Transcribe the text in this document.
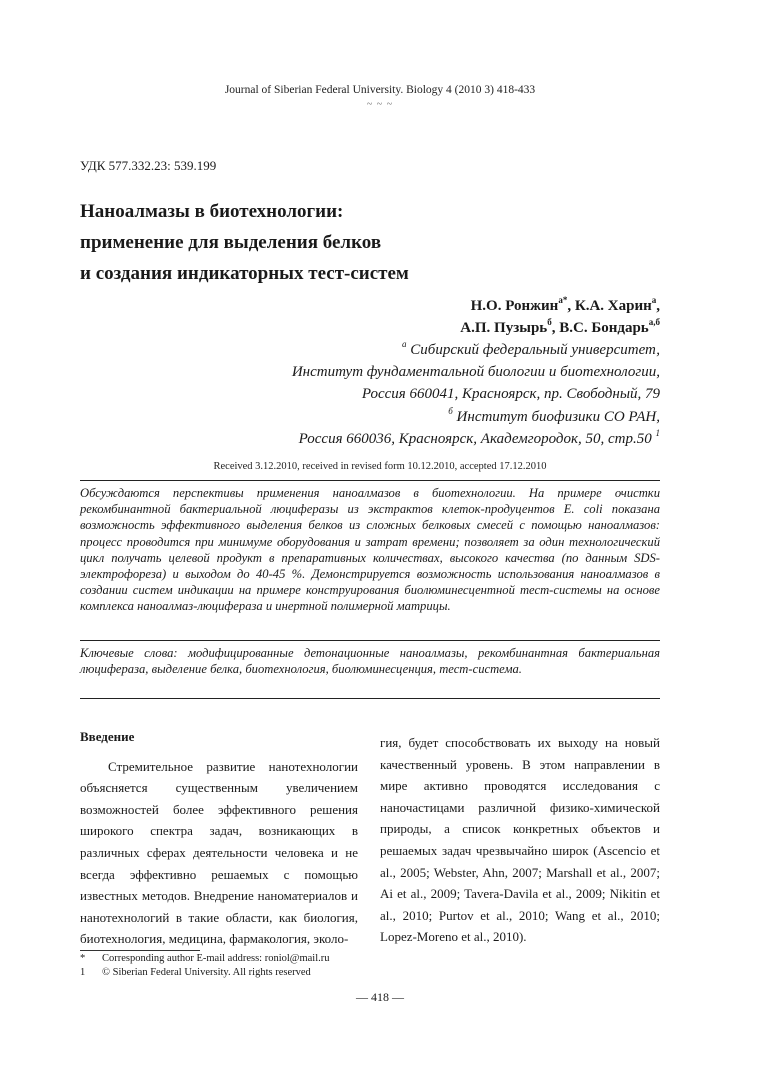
Journal of Siberian Federal University. Biology 4 (2010 3) 418-433
~ ~ ~
УДК 577.332.23: 539.199
Наноалмазы в биотехнологии:
применение для выделения белков
и создания индикаторных тест-систем
Н.О. Ронжин$^{а*}$, К.А. Харин$^а$,
А.П. Пузырь$^б$, В.С. Бондарь$^{а,б}$
$^а$ Сибирский федеральный университет,
Институт фундаментальной биологии и биотехнологии,
Россия 660041, Красноярск, пр. Свободный, 79
$^б$ Институт биофизики СО РАН,
Россия 660036, Красноярск, Академгородок, 50, стр.50 $^1$
Received 3.12.2010, received in revised form 10.12.2010, accepted 17.12.2010
Обсуждаются перспективы применения наноалмазов в биотехнологии. На примере очистки рекомбинантной бактериальной люциферазы из экстрактов клеток-продуцентов E. coli показана возможность эффективного выделения белков из сложных белковых смесей с помощью наноалмазов: процесс проводится при минимуме оборудования и затрат времени; позволяет за один технологический цикл получать целевой продукт в препаративных количествах, высокого качества (по данным SDS-электрофореза) и выходом до 40-45 %. Демонстрируется возможность использования наноалмазов в создании систем индикации на примере конструирования биолюминесцентной тест-системы на основе комплекса наноалмаз-люцифераза и инертной полимерной матрицы.
Ключевые слова: модифицированные детонационные наноалмазы, рекомбинантная бактериальная люцифераза, выделение белка, биотехнология, биолюминесценция, тест-система.
Введение
Стремительное развитие нанотехнологии объясняется существенным увеличением возможностей более эффективного решения широкого спектра задач, возникающих в различных сферах деятельности человека и не всегда эффективно решаемых с помощью известных методов. Внедрение наноматериалов и нанотехнологий в такие области, как биология, биотехнология, медицина, фармакология, эколо-
гия, будет способствовать их выходу на новый качественный уровень. В этом направлении в мире активно проводятся исследования с наночастицами различной физико-химической природы, а список конкретных объектов и решаемых задач чрезвычайно широк (Ascencio et al., 2005; Webster, Ahn, 2007; Marshall et al., 2007; Ai et al., 2009; Tavera-Davila et al., 2009; Nikitin et al., 2010; Purtov et al., 2010; Wang et al., 2010; Lopez-Moreno et al., 2010).
* Corresponding author E-mail address: roniol@mail.ru
1 © Siberian Federal University. All rights reserved
— 418 —
